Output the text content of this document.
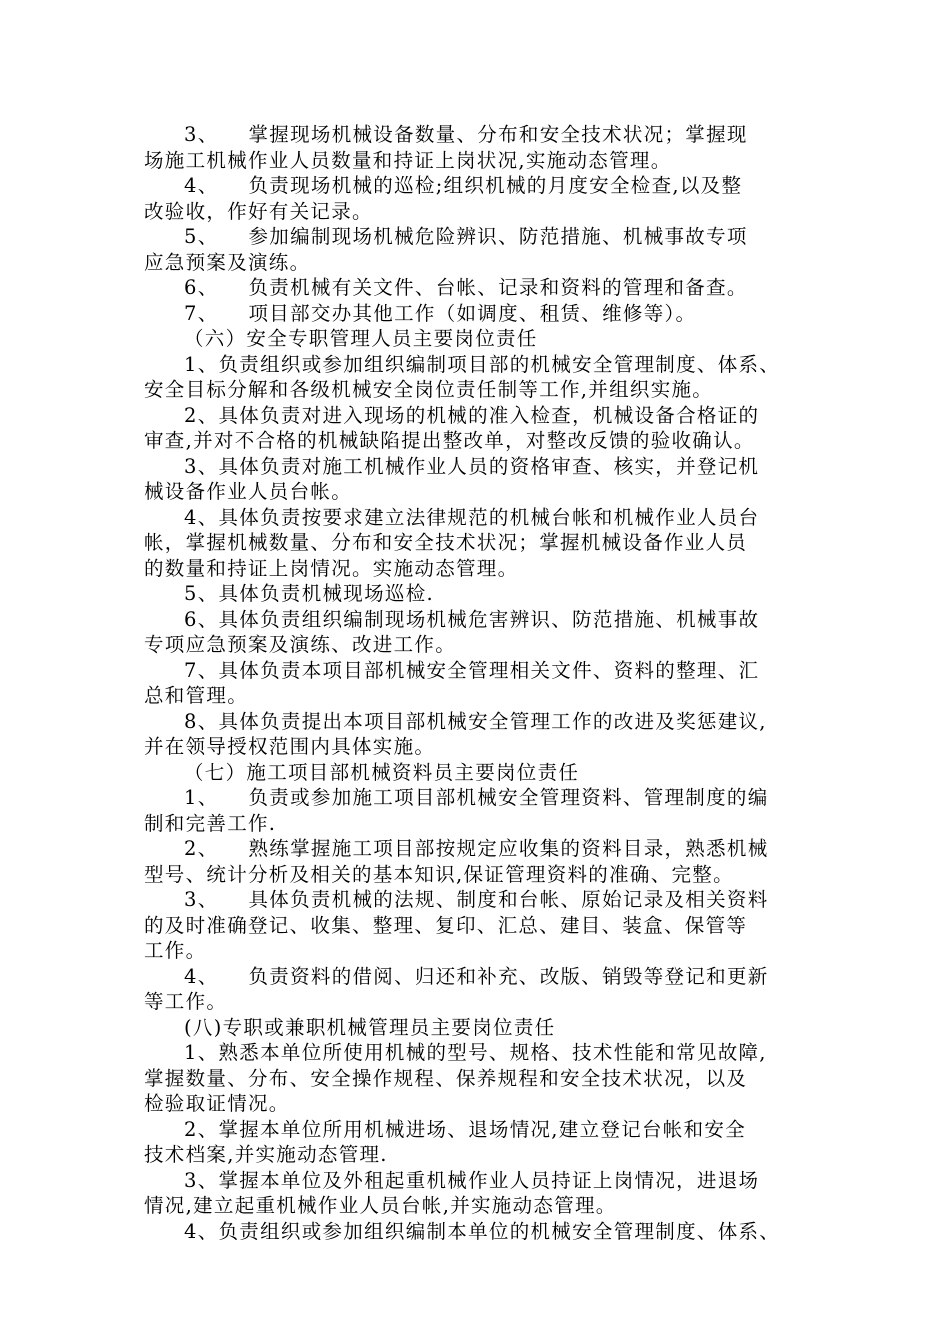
3、    掌握现场机械设备数量、分布和安全技术状况；掌握现
场施工机械作业人员数量和持证上岗状况,实施动态管理。
4、    负责现场机械的巡检;组织机械的月度安全检查,以及整
改验收，作好有关记录。
5、    参加编制现场机械危险辨识、防范措施、机械事故专项
应急预案及演练。
6、    负责机械有关文件、台帐、记录和资料的管理和备查。
7、    项目部交办其他工作（如调度、租赁、维修等）。
（六）安全专职管理人员主要岗位责任
1、负责组织或参加组织编制项目部的机械安全管理制度、体系、
安全目标分解和各级机械安全岗位责任制等工作,并组织实施。
2、具体负责对进入现场的机械的准入检查，机械设备合格证的
审查,并对不合格的机械缺陷提出整改单，对整改反馈的验收确认。
3、具体负责对施工机械作业人员的资格审查、核实，并登记机
械设备作业人员台帐。
4、具体负责按要求建立法律规范的机械台帐和机械作业人员台
帐，掌握机械数量、分布和安全技术状况；掌握机械设备作业人员
的数量和持证上岗情况。实施动态管理。
5、具体负责机械现场巡检.
6、具体负责组织编制现场机械危害辨识、防范措施、机械事故
专项应急预案及演练、改进工作。
7、具体负责本项目部机械安全管理相关文件、资料的整理、汇
总和管理。
8、具体负责提出本项目部机械安全管理工作的改进及奖惩建议,
并在领导授权范围内具体实施。
（七）施工项目部机械资料员主要岗位责任
1、    负责或参加施工项目部机械安全管理资料、管理制度的编
制和完善工作.
2、    熟练掌握施工项目部按规定应收集的资料目录，熟悉机械
型号、统计分析及相关的基本知识,保证管理资料的准确、完整。
3、    具体负责机械的法规、制度和台帐、原始记录及相关资料
的及时准确登记、收集、整理、复印、汇总、建目、装盒、保管等
工作。
4、    负责资料的借阅、归还和补充、改版、销毁等登记和更新
等工作。
(八)专职或兼职机械管理员主要岗位责任
1、熟悉本单位所使用机械的型号、规格、技术性能和常见故障,
掌握数量、分布、安全操作规程、保养规程和安全技术状况，以及
检验取证情况。
2、掌握本单位所用机械进场、退场情况,建立登记台帐和安全
技术档案,并实施动态管理.
3、掌握本单位及外租起重机械作业人员持证上岗情况，进退场
情况,建立起重机械作业人员台帐,并实施动态管理。
4、负责组织或参加组织编制本单位的机械安全管理制度、体系、
